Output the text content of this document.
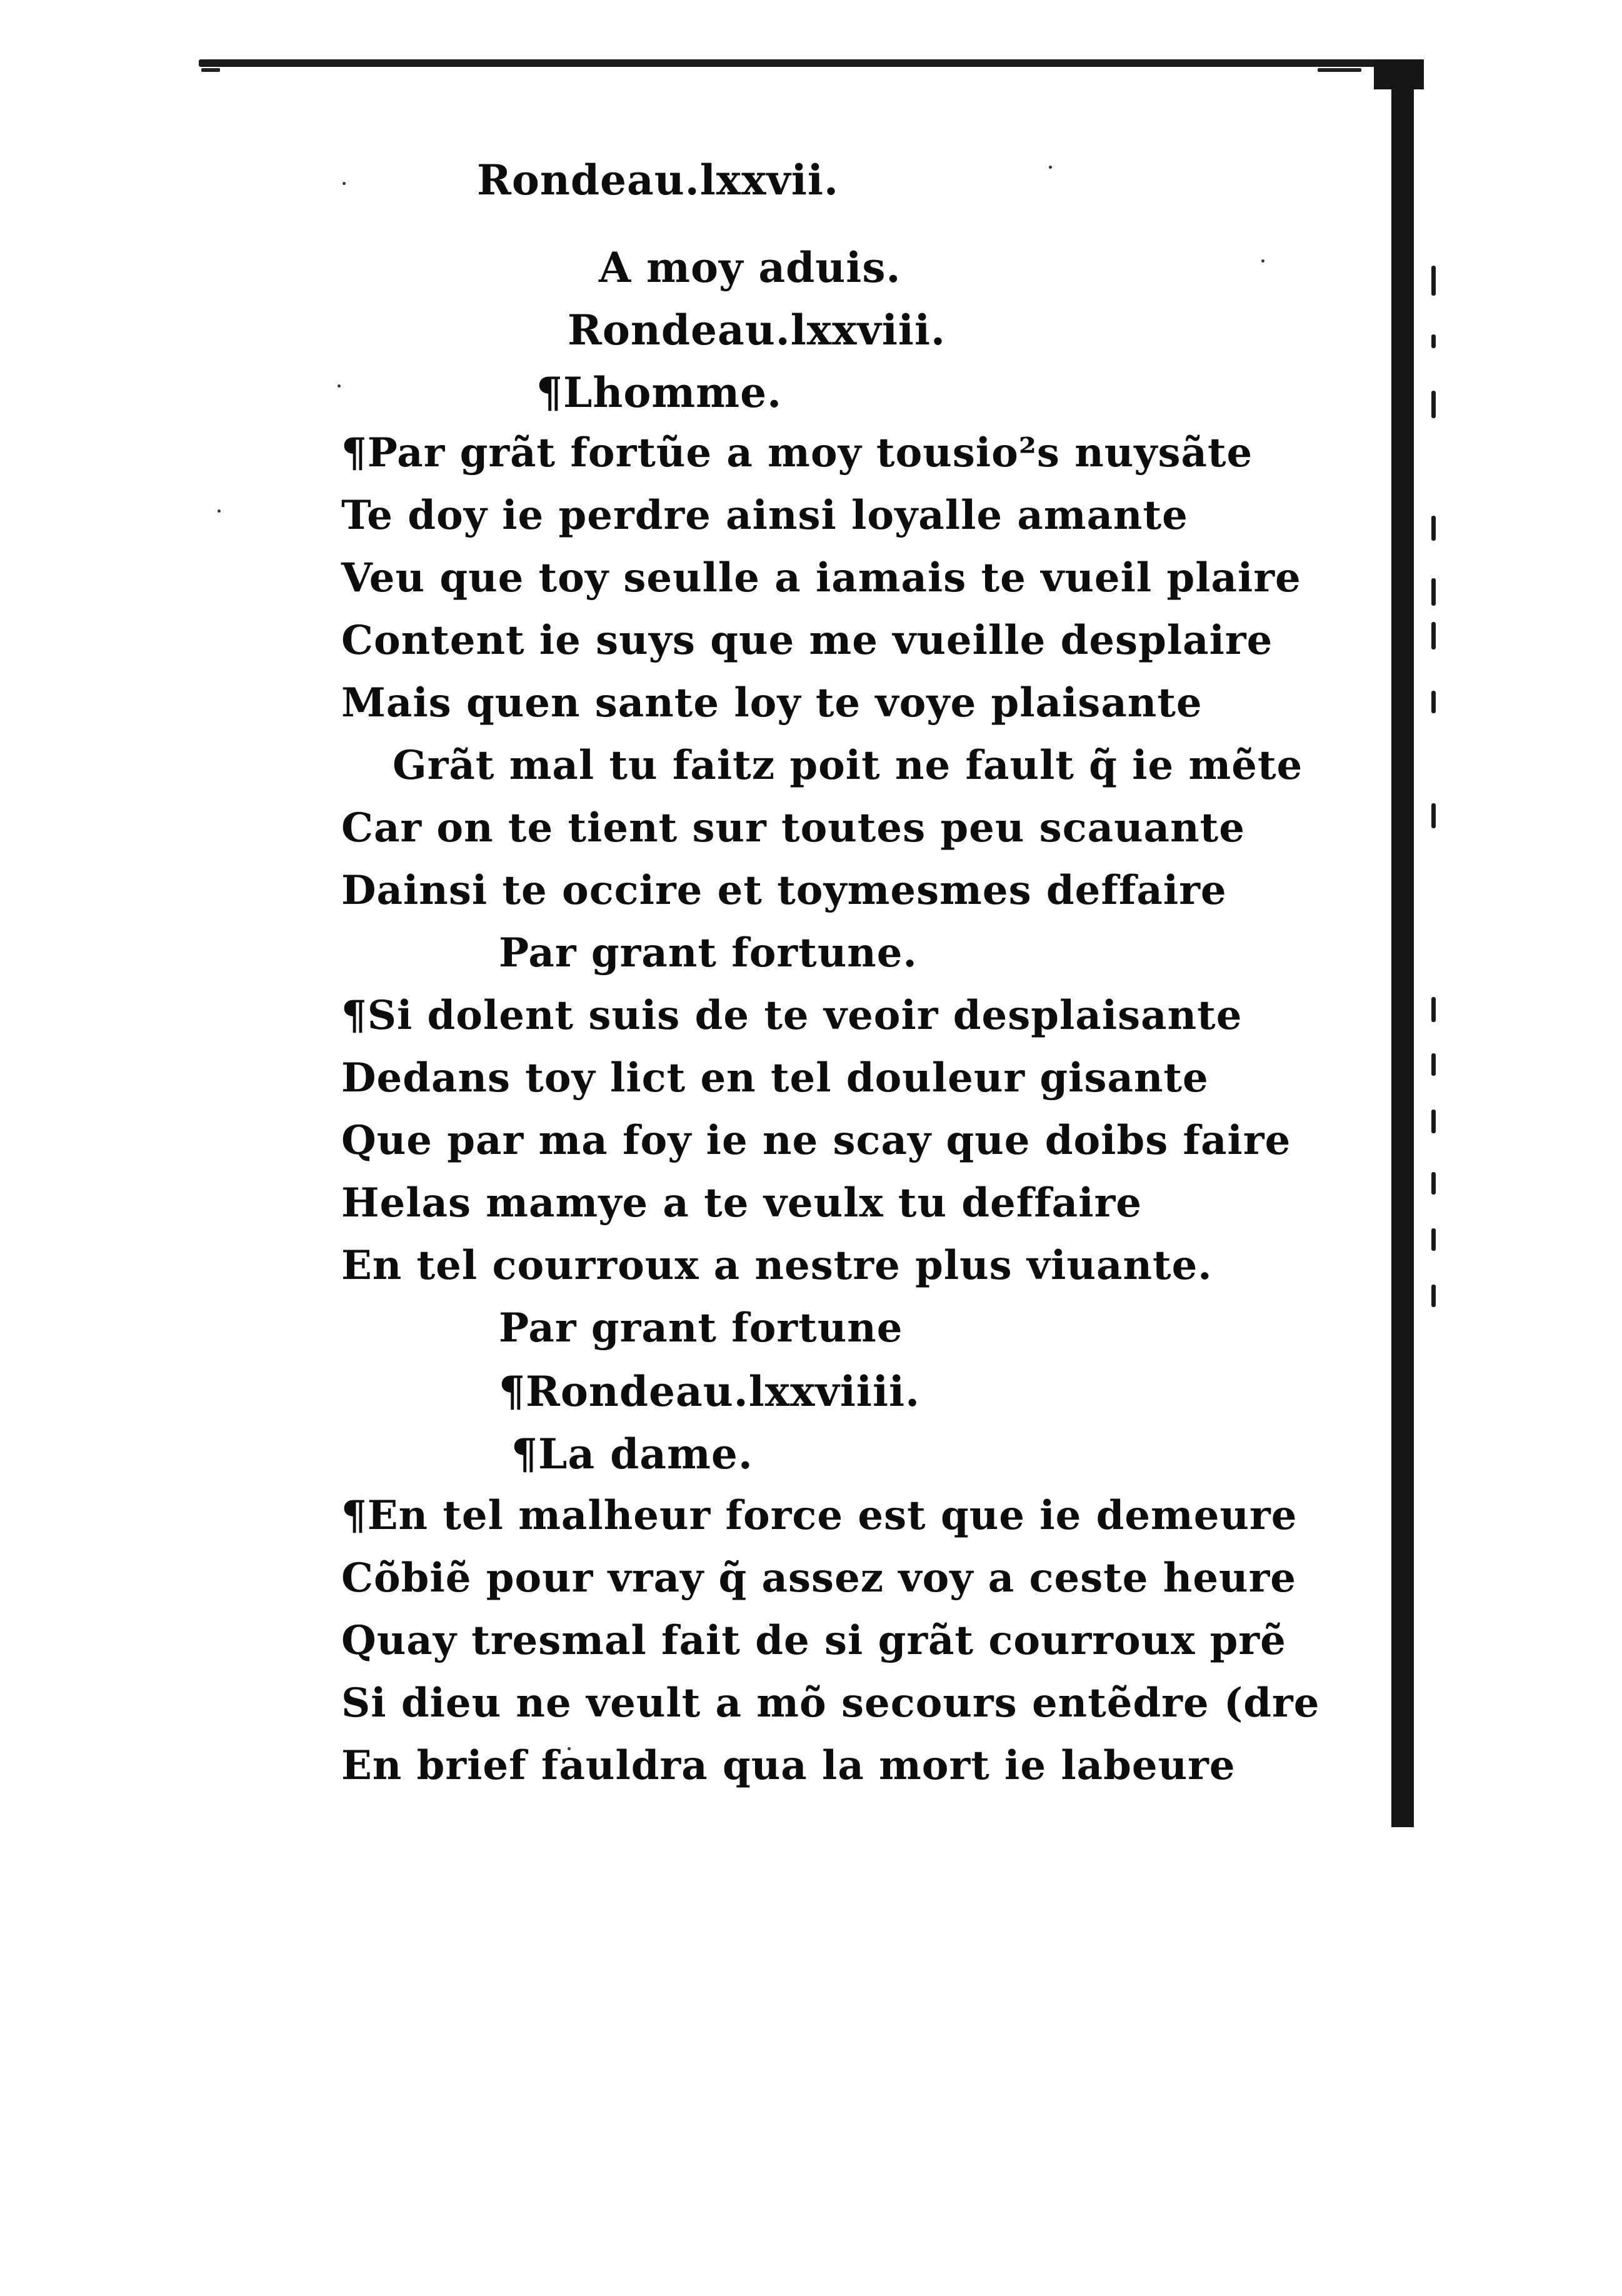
Rondeau.lxxvii.
A moy aduis.
Rondeau.lxxviii.
¶Lhomme.
¶Par grãt fortũe a moy tousio²s nuysãte
Te doy ie perdre ainsi loyalle amante
Veu que toy seulle a iamais te vueil plaire
Content ie suys que me vueille desplaire
Mais quen sante loy te voye plaisante
Grãt mal tu faitz poit ne fault q̃ ie mẽte
Car on te tient sur toutes peu scauante
Dainsi te occire et toymesmes deffaire
Par grant fortune.
¶Si dolent suis de te veoir desplaisante
Dedans toy lict en tel douleur gisante
Que par ma foy ie ne scay que doibs faire
Helas mamye a te veulx tu deffaire
En tel courroux a nestre plus viuante.
Par grant fortune
¶Rondeau.lxxviiii.
¶La dame.
¶En tel malheur force est que ie demeure
Cõbiẽ pour vray q̃ assez voy a ceste heure
Quay tresmal fait de si grãt courroux prẽ
Si dieu ne veult a mõ secours entẽdre (dre
En brief fauldra qua la mort ie labeure
